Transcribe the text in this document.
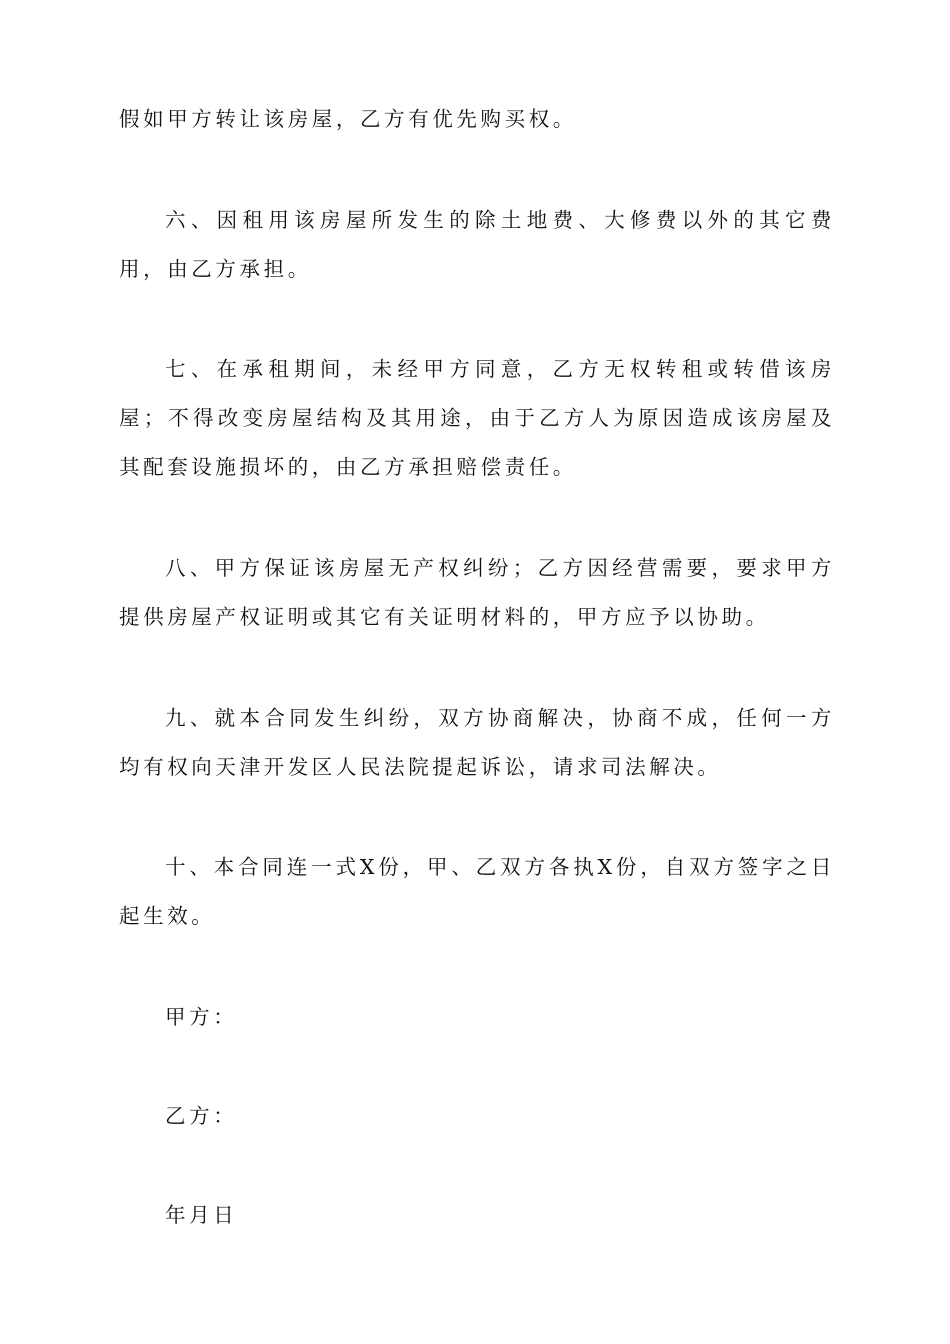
假如甲方转让该房屋，乙方有优先购买权。

六、因租用该房屋所发生的除土地费、大修费以外的其它费用，由乙方承担。

七、在承租期间，未经甲方同意，乙方无权转租或转借该房屋；不得改变房屋结构及其用途，由于乙方人为原因造成该房屋及其配套设施损坏的，由乙方承担赔偿责任。

八、甲方保证该房屋无产权纠纷；乙方因经营需要，要求甲方提供房屋产权证明或其它有关证明材料的，甲方应予以协助。

九、就本合同发生纠纷，双方协商解决，协商不成，任何一方均有权向天津开发区人民法院提起诉讼，请求司法解决。

十、本合同连一式X份，甲、乙双方各执X份，自双方签字之日起生效。

甲方：

乙方：

年月日
